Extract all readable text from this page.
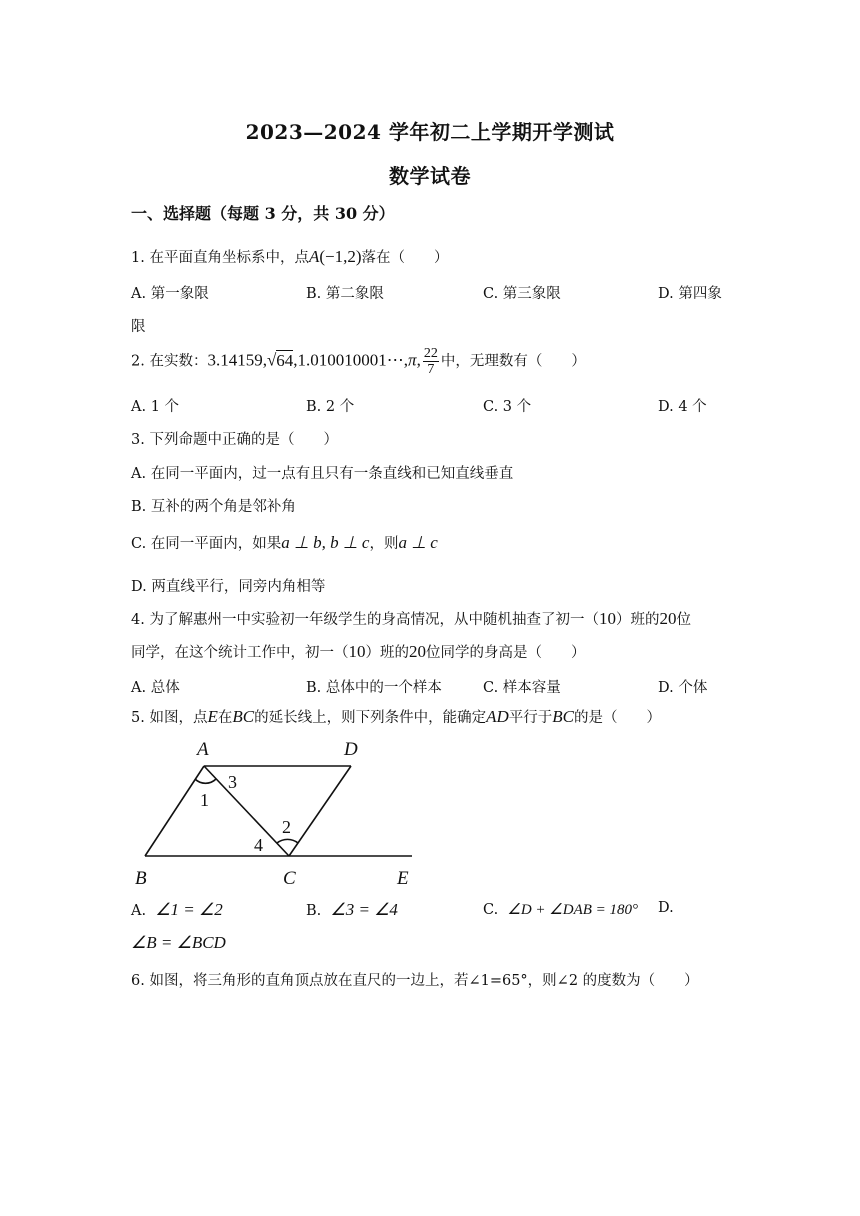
2023—2024 学年初二上学期开学测试
数学试卷
一、选择题（每题 3 分，共 30 分）
1. 在平面直角坐标系中，点A(−1,2)落在（　　）
A. 第一象限	B. 第二象限	C. 第三象限	D. 第四象
限
2. 在实数：3.14159,√64,1.010010001⋯,π, $\frac{22}{7}$ 中，无理数有（　　）
A. 1 个	B. 2 个	C. 3 个	D. 4 个
3. 下列命题中正确的是（　　）
A. 在同一平面内，过一点有且只有一条直线和已知直线垂直
B. 互补的两个角是邻补角
C. 在同一平面内，如果a ⊥ b, b ⊥ c，则a ⊥ c
D. 两直线平行，同旁内角相等
4. 为了解惠州一中实验初一年级学生的身高情况，从中随机抽查了初一（10）班的20位
同学，在这个统计工作中，初一（10）班的20位同学的身高是（　　）
A. 总体	B. 总体中的一个样本	C. 样本容量	D. 个体
5. 如图，点E在BC的延长线上，则下列条件中，能确定AD平行于BC的是（　　）
A	D
B	C	E
1
2
3
4
A. ∠1 = ∠2	B. ∠3 = ∠4	C. ∠D + ∠DAB = 180° D.
∠B = ∠BCD
6. 如图，将三角形的直角顶点放在直尺的一边上，若∠1=65°，则∠2 的度数为（　　）
